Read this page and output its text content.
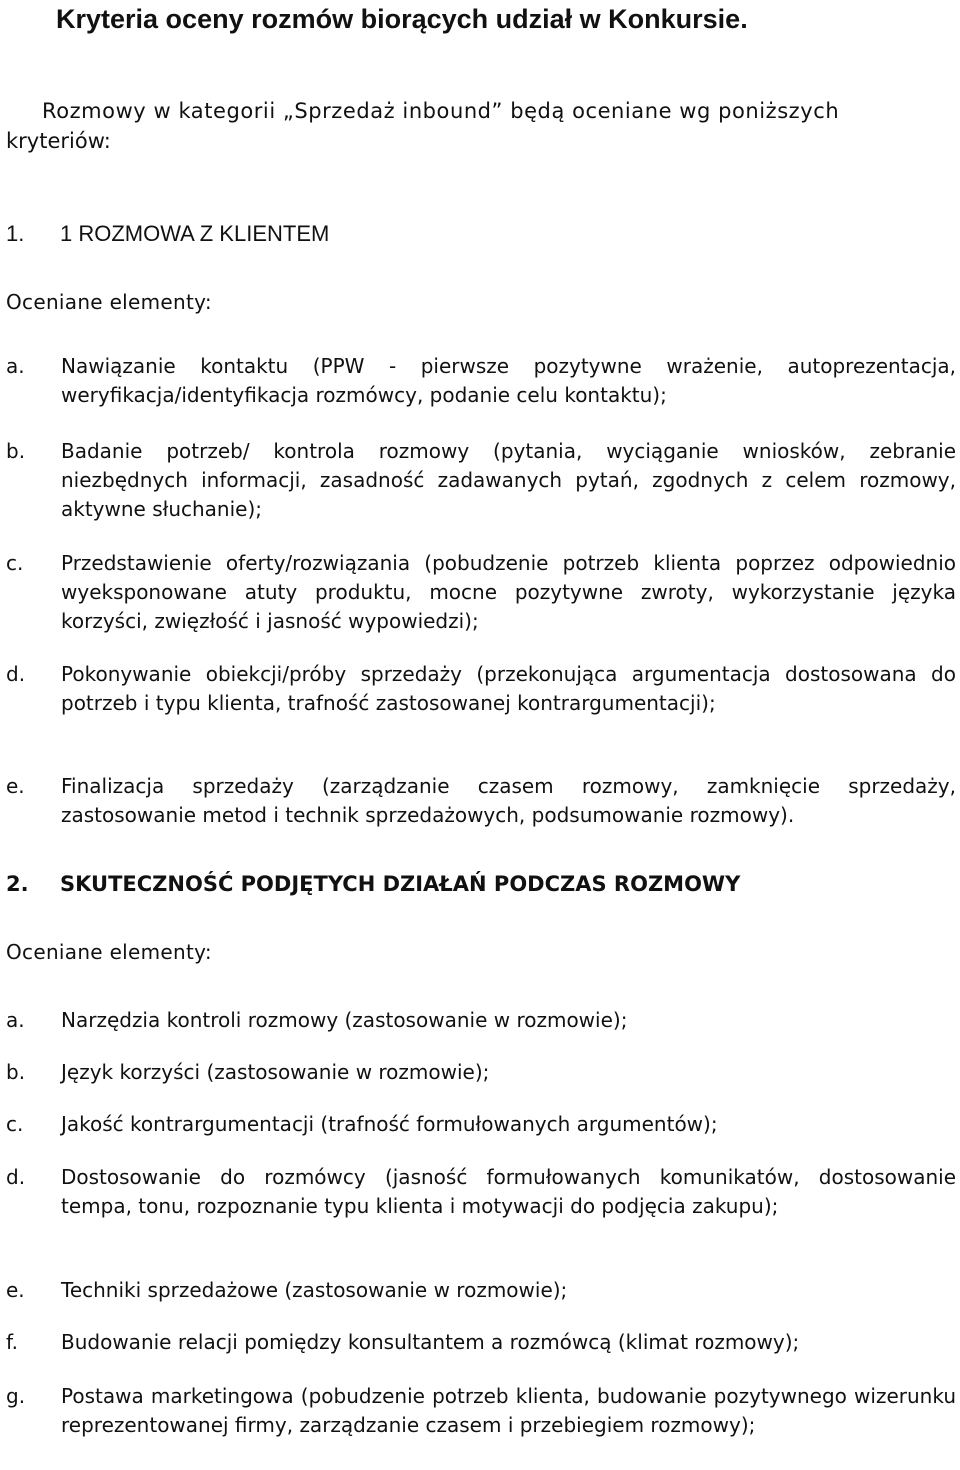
Kryteria oceny rozmów biorących udział w Konkursie.
Rozmowy w kategorii „Sprzedaż inbound” będą oceniane wg poniższych
kryteriów:
1. 1 ROZMOWA Z KLIENTEM
Oceniane elementy:
a. Nawiązanie kontaktu (PPW - pierwsze pozytywne wrażenie, autoprezentacja, weryfikacja/identyfikacja rozmówcy, podanie celu kontaktu);
b. Badanie potrzeb/ kontrola rozmowy (pytania, wyciąganie wniosków, zebranie niezbędnych informacji, zasadność zadawanych pytań, zgodnych z celem rozmowy, aktywne słuchanie);
c. Przedstawienie oferty/rozwiązania (pobudzenie potrzeb klienta poprzez odpowiednio wyeksponowane atuty produktu, mocne pozytywne zwroty, wykorzystanie języka korzyści, zwięzłość i jasność wypowiedzi);
d. Pokonywanie obiekcji/próby sprzedaży (przekonująca argumentacja dostosowana do potrzeb i typu klienta, trafność zastosowanej kontrargumentacji);
e. Finalizacja sprzedaży (zarządzanie czasem rozmowy, zamknięcie sprzedaży, zastosowanie metod i technik sprzedażowych, podsumowanie rozmowy).
2. SKUTECZNOŚĆ PODJĘTYCH DZIAŁAŃ PODCZAS ROZMOWY
Oceniane elementy:
a. Narzędzia kontroli rozmowy (zastosowanie w rozmowie);
b. Język korzyści (zastosowanie w rozmowie);
c. Jakość kontrargumentacji (trafność formułowanych argumentów);
d. Dostosowanie do rozmówcy (jasność formułowanych komunikatów, dostosowanie tempa, tonu, rozpoznanie typu klienta i motywacji do podjęcia zakupu);
e. Techniki sprzedażowe (zastosowanie w rozmowie);
f. Budowanie relacji pomiędzy konsultantem a rozmówcą (klimat rozmowy);
g. Postawa marketingowa (pobudzenie potrzeb klienta, budowanie pozytywnego wizerunku reprezentowanej firmy, zarządzanie czasem i przebiegiem rozmowy);
